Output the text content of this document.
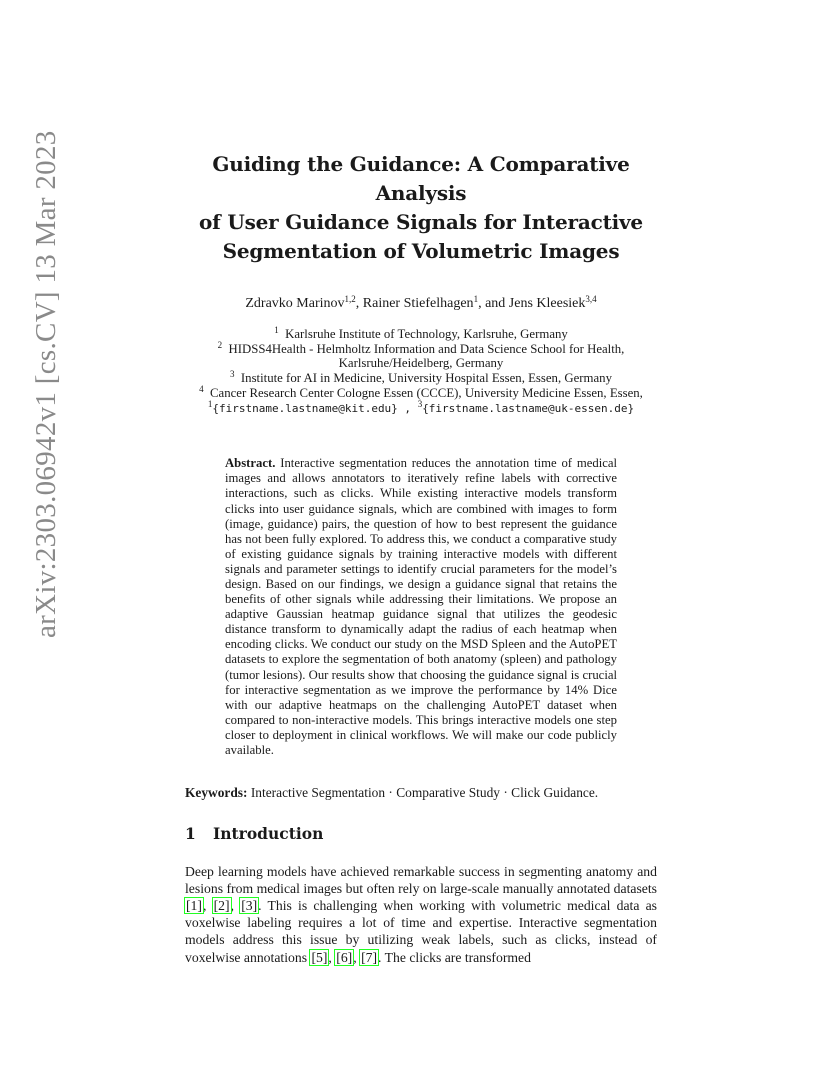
arXiv:2303.06942v1 [cs.CV] 13 Mar 2023	Guiding the Guidance: A Comparative Analysis
of User Guidance Signals for Interactive
Segmentation of Volumetric Images
Zdravko Marinov$^{1,2}$, Rainer Stiefelhagen$^1$, and Jens Kleesiek$^{3,4}$
$^1$ Karlsruhe Institute of Technology, Karlsruhe, Germany
$^2$ HIDSS4Health - Helmholtz Information and Data Science School for Health,
Karlsruhe/Heidelberg, Germany
$^3$ Institute for AI in Medicine, University Hospital Essen, Essen, Germany
$^4$ Cancer Research Center Cologne Essen (CCCE), University Medicine Essen, Essen,
$^1${firstname.lastname@kit.edu} , $^3${firstname.lastname@uk-essen.de}
Abstract. Interactive segmentation reduces the annotation time of medical images and allows annotators to iteratively refine labels with corrective interactions, such as clicks. While existing interactive models transform clicks into user guidance signals, which are combined with images to form (image, guidance) pairs, the question of how to best represent the guidance has not been fully explored. To address this, we conduct a comparative study of existing guidance signals by training interactive models with different signals and parameter settings to identify crucial parameters for the model’s design. Based on our findings, we design a guidance signal that retains the benefits of other signals while addressing their limitations. We propose an adaptive Gaussian heatmap guidance signal that utilizes the geodesic distance transform to dynamically adapt the radius of each heatmap when encoding clicks. We conduct our study on the MSD Spleen and the AutoPET datasets to explore the segmentation of both anatomy (spleen) and pathology (tumor lesions). Our results show that choosing the guidance signal is crucial for interactive segmentation as we improve the performance by 14% Dice with our adaptive heatmaps on the challenging AutoPET dataset when compared to non-interactive models. This brings interactive models one step closer to deployment in clinical workflows. We will make our code publicly available.
Keywords: Interactive Segmentation · Comparative Study · Click Guidance.
1 Introduction
Deep learning models have achieved remarkable success in segmenting anatomy and lesions from medical images but often rely on large-scale manually annotated datasets [1], [2], [3]. This is challenging when working with volumetric medical data as voxelwise labeling requires a lot of time and expertise. Interactive segmentation models address this issue by utilizing weak labels, such as clicks, instead of voxelwise annotations [5], [6], [7]. The clicks are transformed
